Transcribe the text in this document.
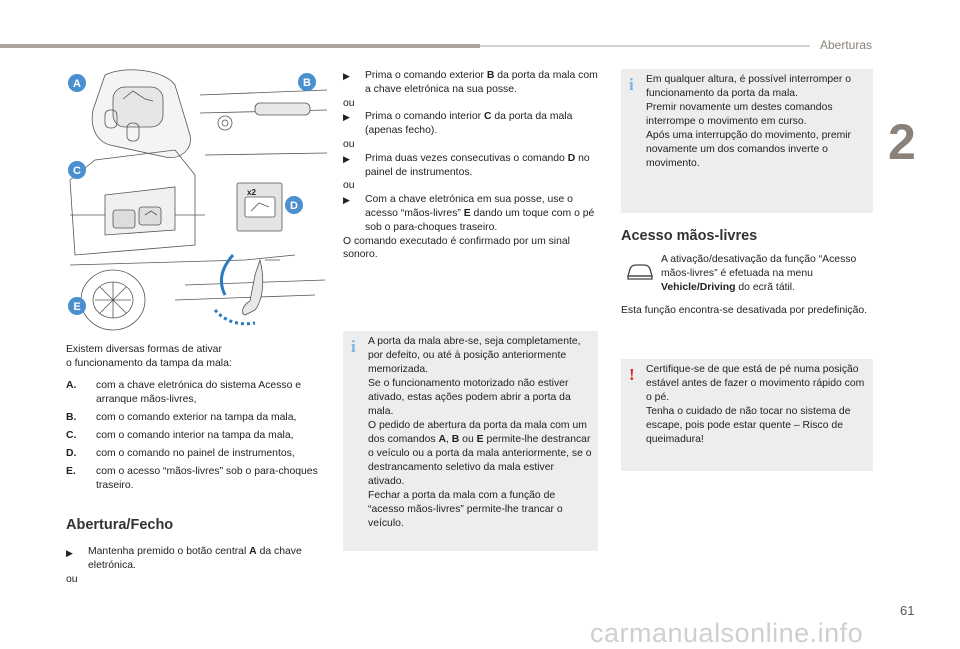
Aberturas
2
A	B
C
D
E
x2

Existem diversas formas de ativar
o funcionamento da tampa da mala:

A.	com a chave eletrónica do sistema Acesso e arranque mãos-livres,
B.	com o comando exterior na tampa da mala,
C.	com o comando interior na tampa da mala,
D.	com o comando no painel de instrumentos,
E.	com o acesso “mãos-livres” sob o para-choques traseiro.
Abertura/Fecho
▶	Mantenha premido o botão central A da chave eletrónica.

ou

▶	Prima o comando exterior B da porta da mala com a chave eletrónica na sua posse.

ou

▶	Prima o comando interior C da porta da mala (apenas fecho).

ou

▶	Prima duas vezes consecutivas o comando D no painel de instrumentos.

ou

▶	Com a chave eletrónica em sua posse, use o acesso “mãos-livres” E dando um toque com o pé sob o para-choques traseiro.

O comando executado é confirmado por um sinal sonoro.

i A porta da mala abre-se, seja completamente, por defeito, ou até à posição anteriormente memorizada.
Se o funcionamento motorizado não estiver ativado, estas ações podem abrir a porta da mala.
O pedido de abertura da porta da mala com um dos comandos A, B ou E permite-lhe destrancar o veículo ou a porta da mala anteriormente, se o destrancamento seletivo da mala estiver ativado.
Fechar a porta da mala com a função de “acesso mãos-livres” permite-lhe trancar o veículo.
i Em qualquer altura, é possível interromper o funcionamento da porta da mala.
Premir novamente um destes comandos interrompe o movimento em curso.
Após uma interrupção do movimento, premir novamente um dos comandos inverte o movimento.
Acesso mãos-livres
A ativação/desativação da função “Acesso mãos-livres” é efetuada na menu Vehicle/Driving do ecrã tátil.
Esta função encontra-se desativada por predefinição.
! Certifique-se de que está de pé numa posição estável antes de fazer o movimento rápido com o pé.
Tenha o cuidado de não tocar no sistema de escape, pois pode estar quente – Risco de queimadura!
61
carmanualsonline.info
